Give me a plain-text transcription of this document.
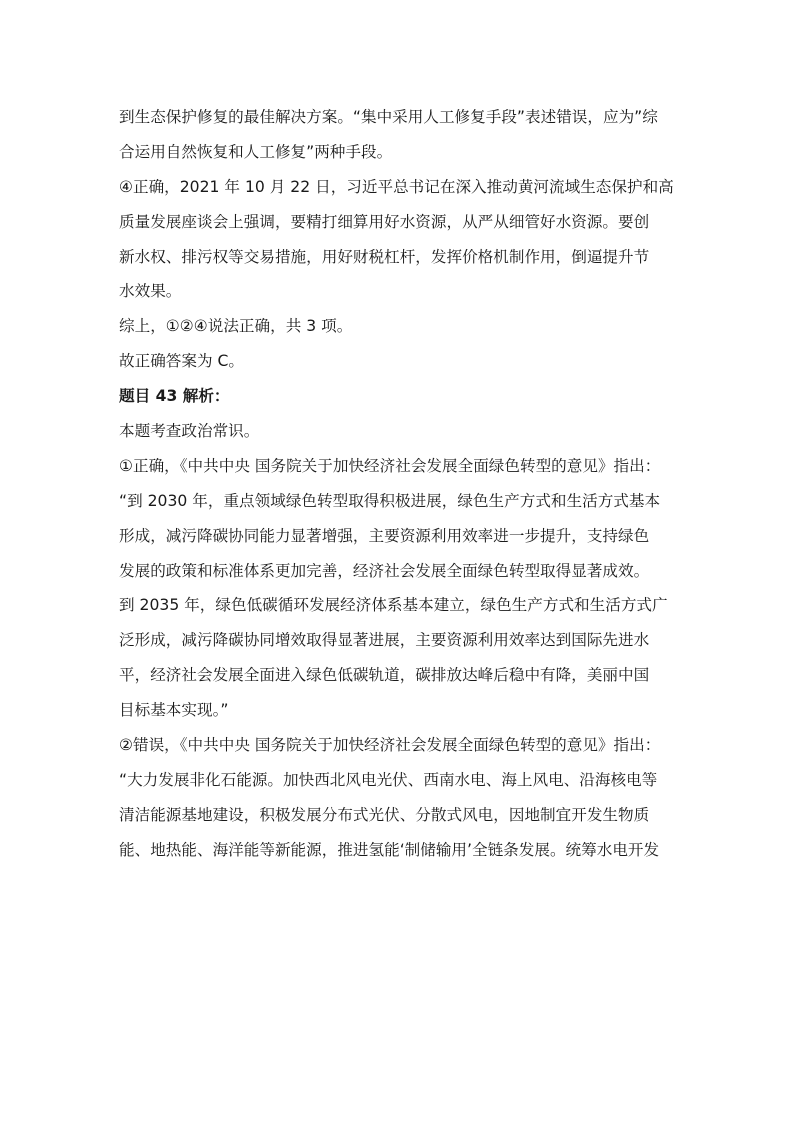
到生态保护修复的最佳解决方案。“集中采用人工修复手段”表述错误，应为”综
合运用自然恢复和人工修复”两种手段。
④正确，2021 年 10 月 22 日，习近平总书记在深入推动黄河流域生态保护和高
质量发展座谈会上强调，要精打细算用好水资源，从严从细管好水资源。要创
新水权、排污权等交易措施，用好财税杠杆，发挥价格机制作用，倒逼提升节
水效果。
综上，①②④说法正确，共 3 项。
故正确答案为 C。
题目 43 解析：
本题考查政治常识。
①正确，《中共中央 国务院关于加快经济社会发展全面绿色转型的意见》指出：
“到 2030 年，重点领域绿色转型取得积极进展，绿色生产方式和生活方式基本
形成，减污降碳协同能力显著增强，主要资源利用效率进一步提升，支持绿色
发展的政策和标准体系更加完善，经济社会发展全面绿色转型取得显著成效。
到 2035 年，绿色低碳循环发展经济体系基本建立，绿色生产方式和生活方式广
泛形成，减污降碳协同增效取得显著进展，主要资源利用效率达到国际先进水
平，经济社会发展全面进入绿色低碳轨道，碳排放达峰后稳中有降，美丽中国
目标基本实现。”
②错误，《中共中央 国务院关于加快经济社会发展全面绿色转型的意见》指出：
“大力发展非化石能源。加快西北风电光伏、西南水电、海上风电、沿海核电等
清洁能源基地建设，积极发展分布式光伏、分散式风电，因地制宜开发生物质
能、地热能、海洋能等新能源，推进氢能‘制储输用’全链条发展。统筹水电开发
